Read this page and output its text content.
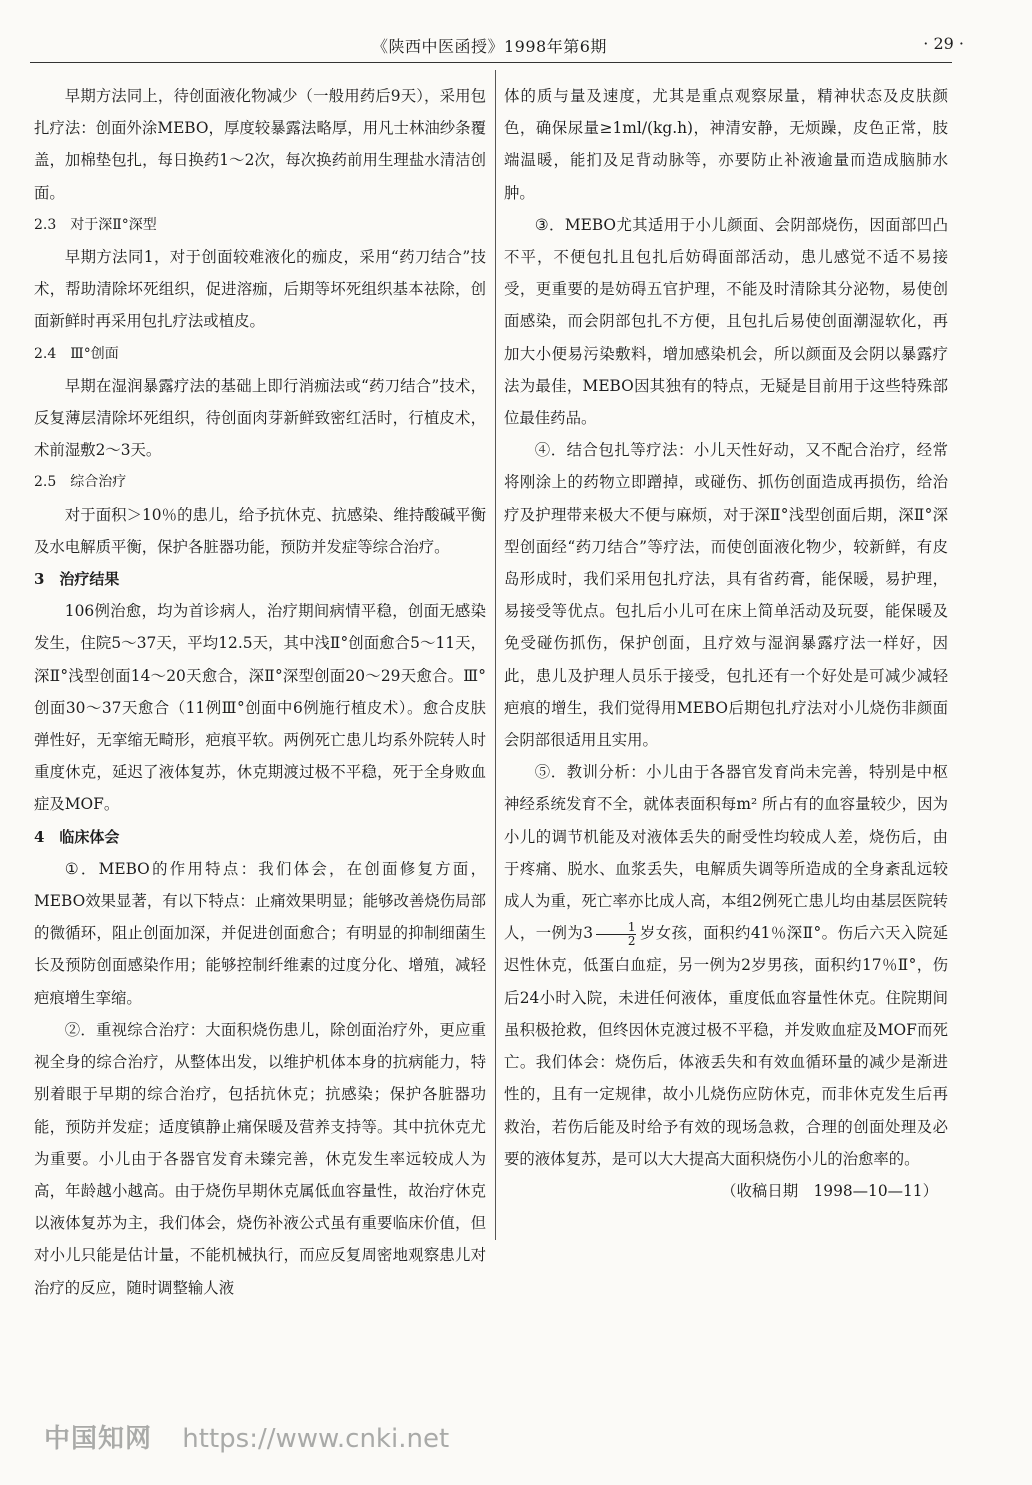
《陕西中医函授》1998年第6期	· 29 ·

早期方法同上，待创面液化物减少（一般用药后9天），采用包扎疗法：创面外涂MEBO，厚度较暴露法略厚，用凡士林油纱条覆盖，加棉垫包扎，每日换药1～2次，每次换药前用生理盐水清洁创面。

2.3　对于深Ⅱ°深型

早期方法同1，对于创面较难液化的痂皮，采用“药刀结合”技术，帮助清除坏死组织，促进溶痂，后期等坏死组织基本祛除，创面新鲜时再采用包扎疗法或植皮。

2.4　Ⅲ°创面

早期在湿润暴露疗法的基础上即行消痂法或“药刀结合”技术，反复薄层清除坏死组织，待创面肉芽新鲜致密红活时，行植皮术，术前湿敷2～3天。

2.5　综合治疗

对于面积＞10％的患儿，给予抗休克、抗感染、维持酸碱平衡及水电解质平衡，保护各脏器功能，预防并发症等综合治疗。

3　治疗结果

106例治愈，均为首诊病人，治疗期间病情平稳，创面无感染发生，住院5～37天，平均12.5天，其中浅Ⅱ°创面愈合5～11天，深Ⅱ°浅型创面14～20天愈合，深Ⅱ°深型创面20～29天愈合。Ⅲ°创面30～37天愈合（11例Ⅲ°创面中6例施行植皮术）。愈合皮肤弹性好，无挛缩无畸形，疤痕平软。两例死亡患儿均系外院转人时重度休克，延迟了液体复苏，休克期渡过极不平稳，死于全身败血症及MOF。

4　临床体会

①．MEBO的作用特点：我们体会，在创面修复方面，MEBO效果显著，有以下特点：止痛效果明显；能够改善烧伤局部的微循环，阻止创面加深，并促进创面愈合；有明显的抑制细菌生长及预防创面感染作用；能够控制纤维素的过度分化、增殖，减轻疤痕增生挛缩。

②．重视综合治疗：大面积烧伤患儿，除创面治疗外，更应重视全身的综合治疗，从整体出发，以维护机体本身的抗病能力，特别着眼于早期的综合治疗，包括抗休克；抗感染；保护各脏器功能，预防并发症；适度镇静止痛保暖及营养支持等。其中抗休克尤为重要。小儿由于各器官发育未臻完善，休克发生率远较成人为高，年龄越小越高。由于烧伤早期休克属低血容量性，故治疗休克以液体复苏为主，我们体会，烧伤补液公式虽有重要临床价值，但对小儿只能是估计量，不能机械执行，而应反复周密地观察患儿对治疗的反应，随时调整输人液

体的质与量及速度，尤其是重点观察尿量，精神状态及皮肤颜色，确保尿量≥1ml/(kg.h)，神清安静，无烦躁，皮色正常，肢端温暖，能扪及足背动脉等，亦要防止补液逾量而造成脑肺水肿。

③．MEBO尤其适用于小儿颜面、会阴部烧伤，因面部凹凸不平，不便包扎且包扎后妨碍面部活动，患儿感觉不适不易接受，更重要的是妨碍五官护理，不能及时清除其分泌物，易使创面感染，而会阴部包扎不方便，且包扎后易使创面潮湿软化，再加大小便易污染敷料，增加感染机会，所以颜面及会阴以暴露疗法为最佳，MEBO因其独有的特点，无疑是目前用于这些特殊部位最佳药品。

④．结合包扎等疗法：小儿天性好动，又不配合治疗，经常将刚涂上的药物立即蹭掉，或碰伤、抓伤创面造成再损伤，给治疗及护理带来极大不便与麻烦，对于深Ⅱ°浅型创面后期，深Ⅱ°深型创面经“药刀结合”等疗法，而使创面液化物少，较新鲜，有皮岛形成时，我们采用包扎疗法，具有省药膏，能保暖，易护理，易接受等优点。包扎后小儿可在床上简单活动及玩耍，能保暖及免受碰伤抓伤，保护创面，且疗效与湿润暴露疗法一样好，因此，患儿及护理人员乐于接受，包扎还有一个好处是可减少减轻疤痕的增生，我们觉得用MEBO后期包扎疗法对小儿烧伤非颜面会阴部很适用且实用。

⑤．教训分析：小儿由于各器官发育尚未完善，特别是中枢神经系统发育不全，就体表面积每m² 所占有的血容量较少，因为小儿的调节机能及对液体丢失的耐受性均较成人差，烧伤后，由于疼痛、脱水、血浆丢失，电解质失调等所造成的全身紊乱远较成人为重，死亡率亦比成人高，本组2例死亡患儿均由基层医院转人，一例为$3 \frac{1}{2}$ 岁女孩，面积约41％深Ⅱ°。伤后六天入院延迟性休克，低蛋白血症，另一例为2岁男孩，面积约17％Ⅱ°，伤后24小时入院，未进任何液体，重度低血容量性休克。住院期间虽积极抢救，但终因休克渡过极不平稳，并发败血症及MOF而死亡。我们体会：烧伤后，体液丢失和有效血循环量的减少是渐进性的，且有一定规律，故小儿烧伤应防休克，而非休克发生后再救治，若伤后能及时给予有效的现场急救，合理的创面处理及必要的液体复苏，是可以大大提高大面积烧伤小儿的治愈率的。

（收稿日期　1998—10—11）

中国知网 https://www.cnki.net
